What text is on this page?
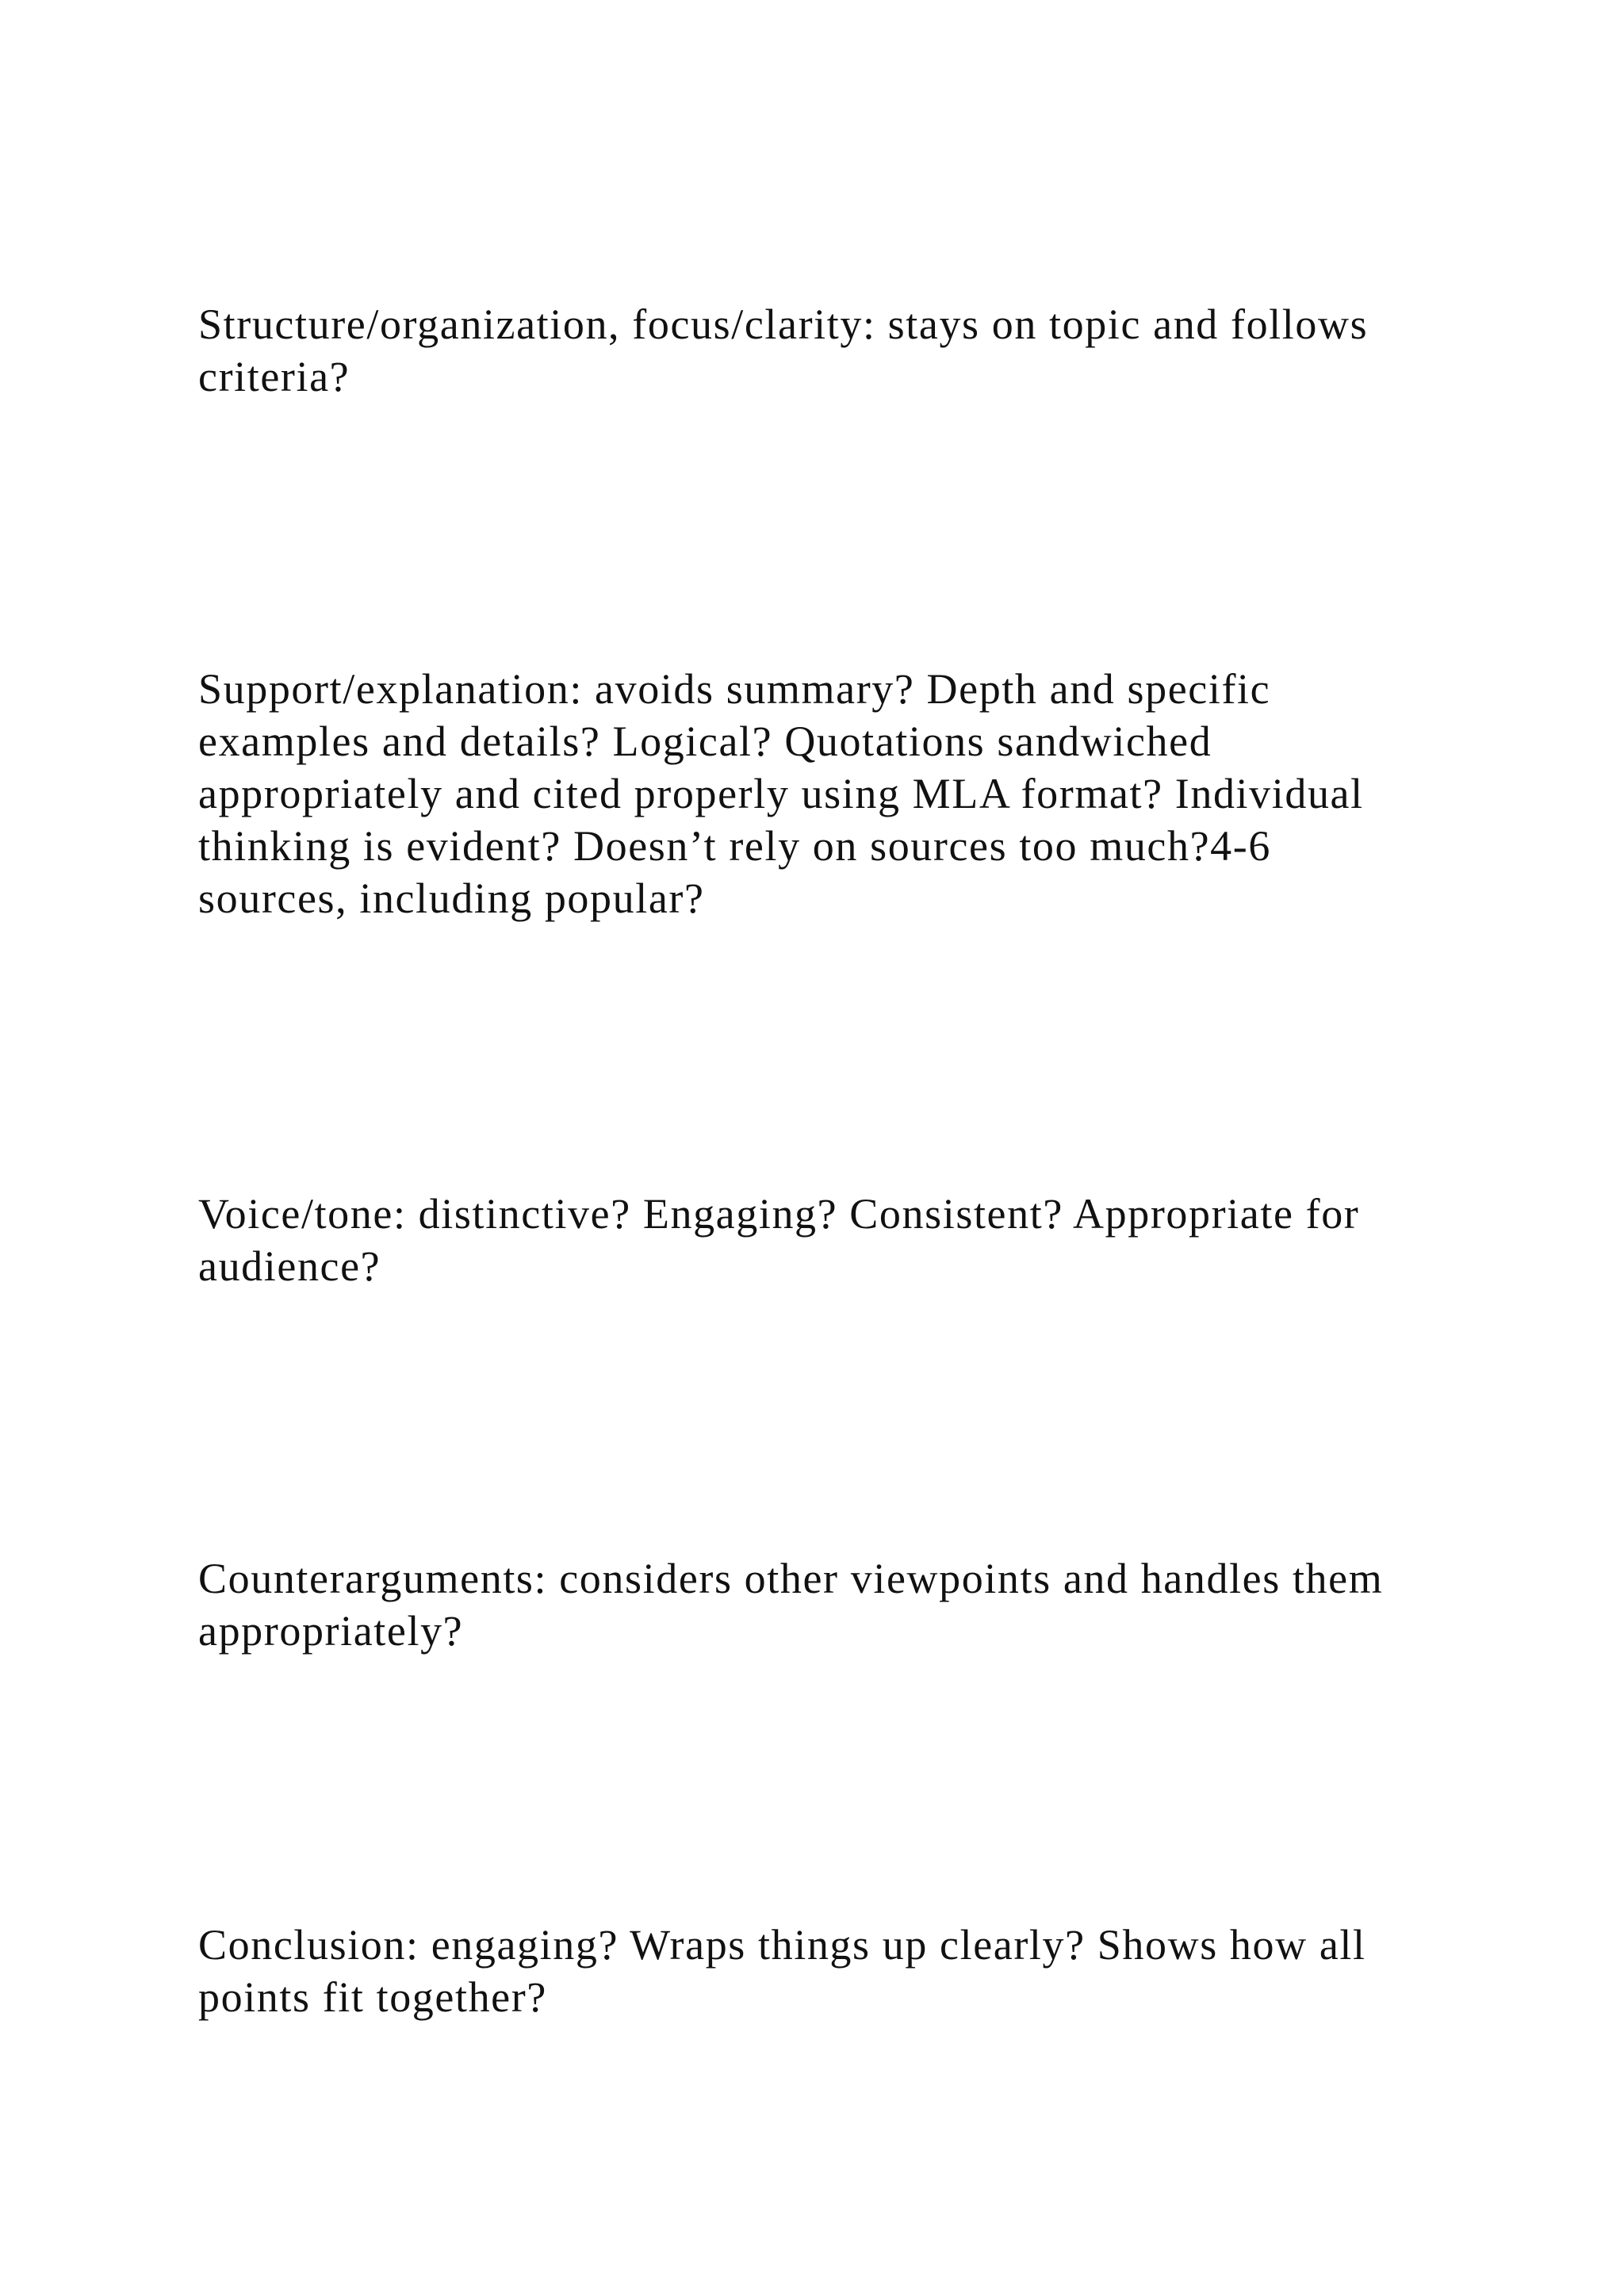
Structure/organization, focus/clarity: stays on topic and follows
criteria?

Support/explanation: avoids summary? Depth and specific
examples and details? Logical? Quotations sandwiched
appropriately and cited properly using MLA format? Individual
thinking is evident? Doesn’t rely on sources too much?4-6
sources, including popular?

Voice/tone: distinctive? Engaging? Consistent? Appropriate for
audience?

Counterarguments: considers other viewpoints and handles them
appropriately?

Conclusion: engaging? Wraps things up clearly? Shows how all
points fit together?
